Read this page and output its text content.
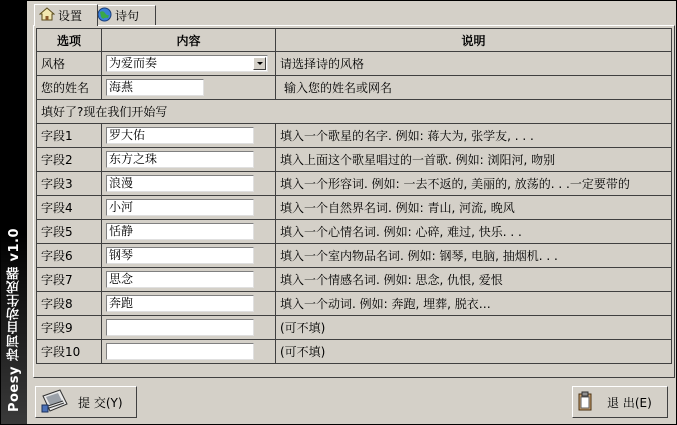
Poesy 诗词自动生成器 v1.0
设置	诗句
选项	内容	说明
风格	为爱而奏	请选择诗的风格
您的姓名	海燕	输入您的姓名或网名
填好了?现在我们开始写		
字段1	罗大佑	填入一个歌星的名字. 例如: 蒋大为, 张学友, . . .
字段2	东方之珠	填入上面这个歌星唱过的一首歌. 例如: 浏阳河, 吻别
字段3	浪漫	填入一个形容词. 例如: 一去不返的, 美丽的, 放荡的. . .一定要带的
字段4	小河	填入一个自然界名词. 例如: 青山, 河流, 晚风
字段5	恬静	填入一个心情名词. 例如: 心碎, 难过, 快乐. . .
字段6	钢琴	填入一个室内物品名词. 例如: 钢琴, 电脑, 抽烟机. . .
字段7	思念	填入一个情感名词. 例如: 思念, 仇恨, 爱恨
字段8	奔跑	填入一个动词. 例如: 奔跑, 埋葬, 脱衣…
字段9		(可不填)
字段10		(可不填)
提 交(Y)	退 出(E)
